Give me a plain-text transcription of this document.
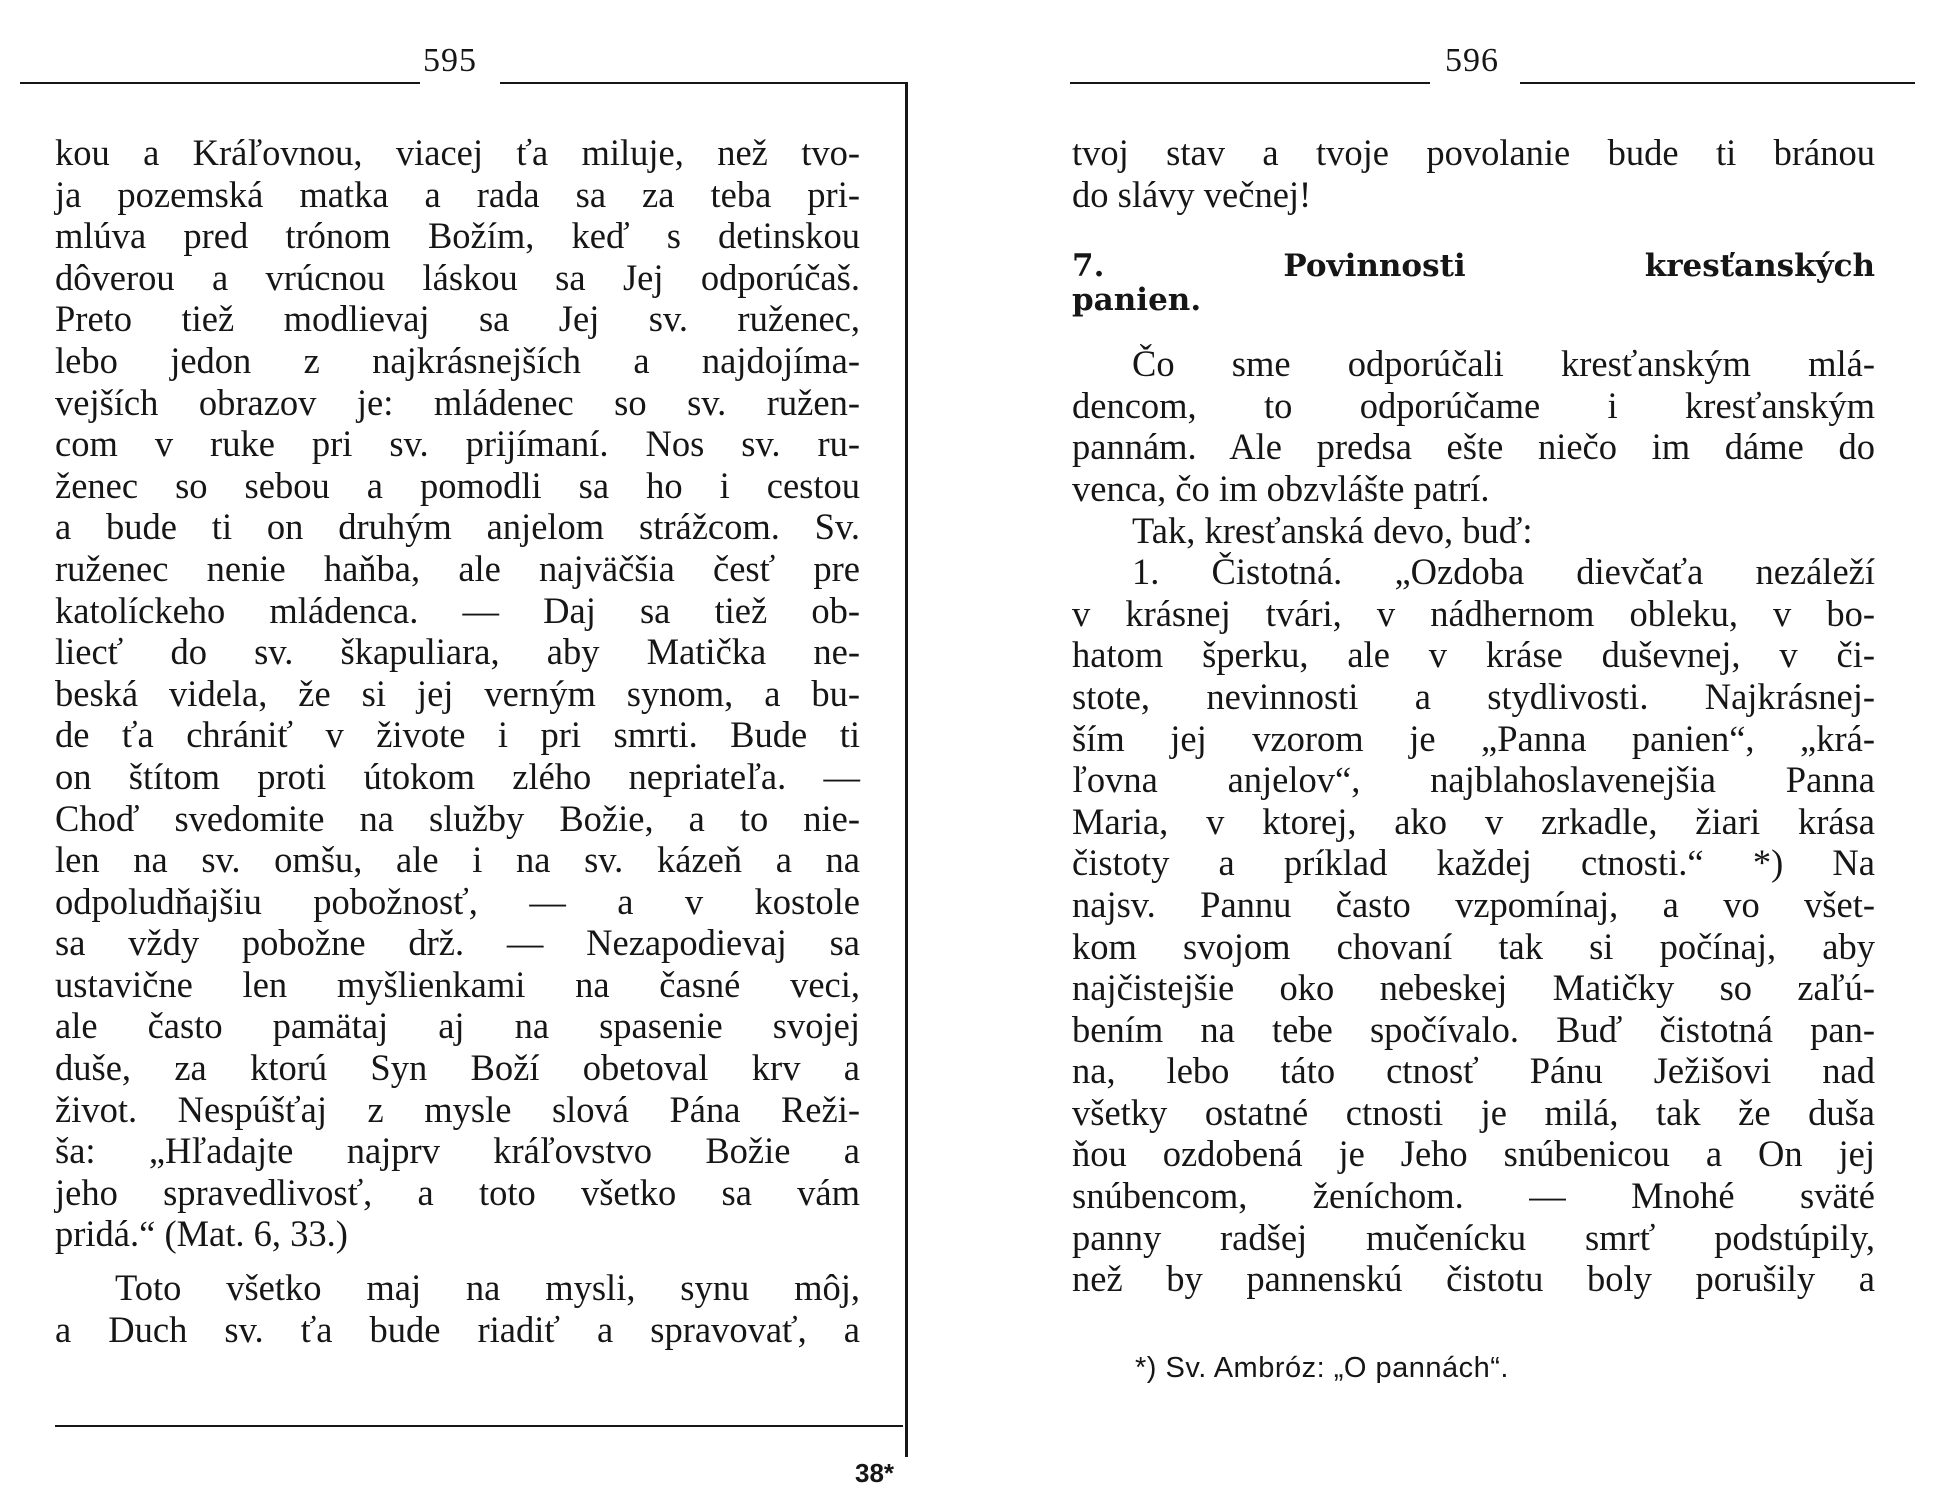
595

kou a Kráľovnou, viacej ťa miluje, než tvo-

ja pozemská matka a rada sa za teba pri-

mlúva pred trónom Božím, keď s detinskou

dôverou a vrúcnou láskou sa Jej odporúčaš.

Preto tiež modlievaj sa Jej sv. ruženec,

lebo jedon z najkrásnejších a najdojíma-

vejších obrazov je: mládenec so sv. ružen-

com v ruke pri sv. prijímaní. Nos sv. ru-

ženec so sebou a pomodli sa ho i cestou

a bude ti on druhým anjelom strážcom. Sv.

ruženec nenie haňba, ale najväčšia česť pre

katolíckeho mládenca. — Daj sa tiež ob-

liecť do sv. škapuliara, aby Matička ne-

beská videla, že si jej verným synom, a bu-

de ťa chrániť v živote i pri smrti. Bude ti

on štítom proti útokom zlého nepriateľa. —

Choď svedomite na služby Božie, a to nie-

len na sv. omšu, ale i na sv. kázeň a na

odpoludňajšiu pobožnosť, — a v kostole

sa vždy pobožne drž. — Nezapodievaj sa

ustavične len myšlienkami na časné veci,

ale často pamätaj aj na spasenie svojej

duše, za ktorú Syn Boží obetoval krv a

život. Nespúšťaj z mysle slová Pána Reži-

ša: „Hľadajte najprv kráľovstvo Božie a

jeho spravedlivosť, a toto všetko sa vám

pridá.“ (Mat. 6, 33.)

Toto všetko maj na mysli, synu môj,

a Duch sv. ťa bude riadiť a spravovať, a

38*
596

tvoj stav a tvoje povolanie bude ti bránou

do slávy večnej!

7. Povinnosti kresťanských

panien.

Čo sme odporúčali kresťanským mlá-

dencom, to odporúčame i kresťanským

pannám. Ale predsa ešte niečo im dáme do

venca, čo im obzvlášte patrí.

Tak, kresťanská devo, buď:

1. Čistotná. „Ozdoba dievčaťa nezáleží

v krásnej tvári, v nádhernom obleku, v bo-

hatom šperku, ale v kráse duševnej, v či-

stote, nevinnosti a stydlivosti. Najkrásnej-

ším jej vzorom je „Panna panien“, „krá-

ľovna anjelov“, najblahoslavenejšia Panna

Maria, v ktorej, ako v zrkadle, žiari krása

čistoty a príklad každej ctnosti.“ *) Na

najsv. Pannu často vzpomínaj, a vo všet-

kom svojom chovaní tak si počínaj, aby

najčistejšie oko nebeskej Matičky so zaľú-

bením na tebe spočívalo. Buď čistotná pan-

na, lebo táto ctnosť Pánu Ježišovi nad

všetky ostatné ctnosti je milá, tak že duša

ňou ozdobená je Jeho snúbenicou a On jej

snúbencom, ženíchom. — Mnohé sväté

panny radšej mučenícku smrť podstúpily,

než by pannenskú čistotu boly porušily a

*) Sv. Ambróz: „O pannách“.
